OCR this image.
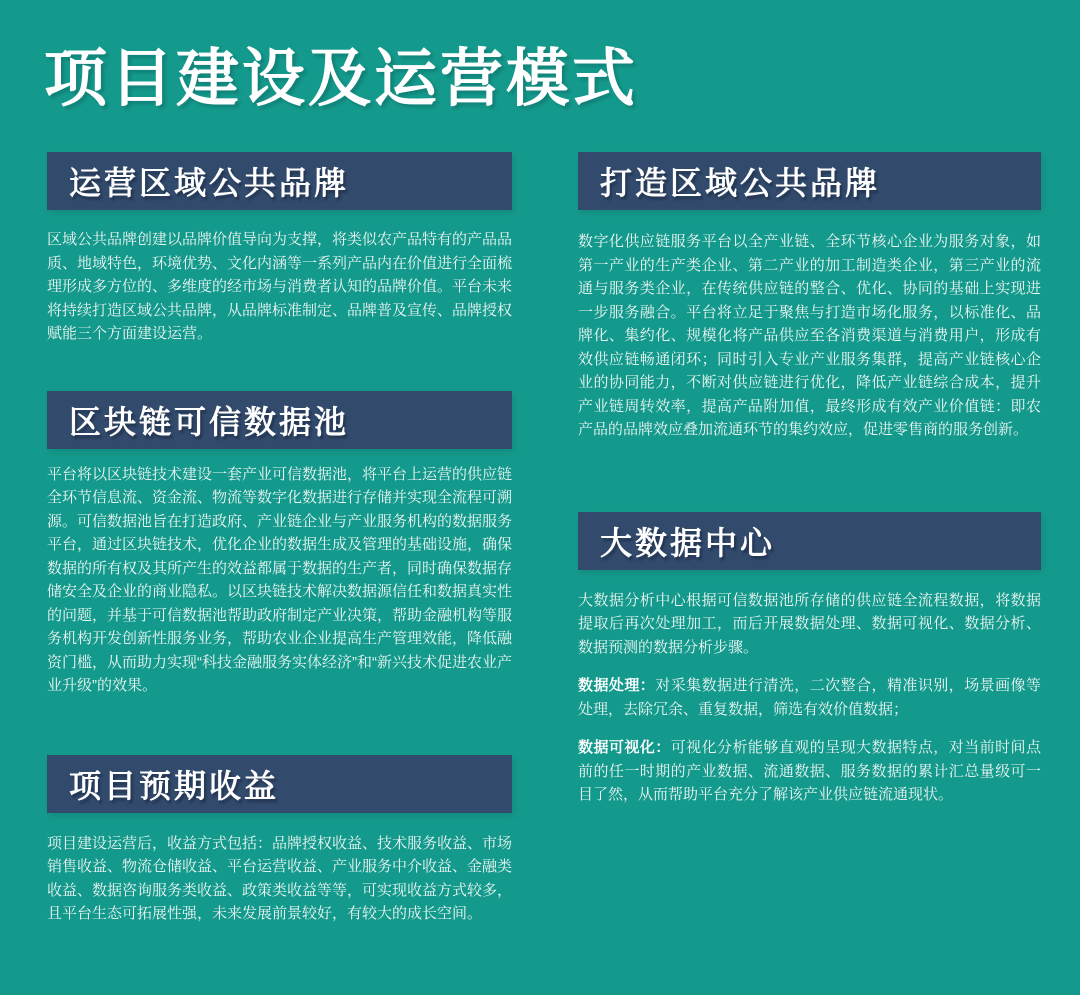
项目建设及运营模式
运营区域公共品牌

区域公共品牌创建以品牌价值导向为支撑，将类似农产品特有的产品品质、地域特色，环境优势、文化内涵等一系列产品内在价值进行全面梳理形成多方位的、多维度的经市场与消费者认知的品牌价值。平台未来将持续打造区域公共品牌，从品牌标准制定、品牌普及宣传、品牌授权赋能三个方面建设运营。

区块链可信数据池

平台将以区块链技术建设一套产业可信数据池，将平台上运营的供应链全环节信息流、资金流、物流等数字化数据进行存储并实现全流程可溯源。可信数据池旨在打造政府、产业链企业与产业服务机构的数据服务平台，通过区块链技术，优化企业的数据生成及管理的基础设施，确保数据的所有权及其所产生的效益都属于数据的生产者，同时确保数据存储安全及企业的商业隐私。以区块链技术解决数据源信任和数据真实性的问题，并基于可信数据池帮助政府制定产业决策，帮助金融机构等服务机构开发创新性服务业务，帮助农业企业提高生产管理效能，降低融资门槛，从而助力实现“科技金融服务实体经济”和“新兴技术促进农业产业升级”的效果。

项目预期收益

项目建设运营后，收益方式包括：品牌授权收益、技术服务收益、市场销售收益、物流仓储收益、平台运营收益、产业服务中介收益、金融类收益、数据咨询服务类收益、政策类收益等等，可实现收益方式较多，且平台生态可拓展性强，未来发展前景较好，有较大的成长空间。

打造区域公共品牌

数字化供应链服务平台以全产业链、全环节核心企业为服务对象，如第一产业的生产类企业、第二产业的加工制造类企业，第三产业的流通与服务类企业，在传统供应链的整合、优化、协同的基础上实现进一步服务融合。平台将立足于聚焦与打造市场化服务，以标准化、品牌化、集约化、规模化将产品供应至各消费渠道与消费用户，形成有效供应链畅通闭环；同时引入专业产业服务集群，提高产业链核心企业的协同能力，不断对供应链进行优化，降低产业链综合成本，提升产业链周转效率，提高产品附加值，最终形成有效产业价值链：即农产品的品牌效应叠加流通环节的集约效应，促进零售商的服务创新。

大数据中心

大数据分析中心根据可信数据池所存储的供应链全流程数据，将数据提取后再次处理加工，而后开展数据处理、数据可视化、数据分析、数据预测的数据分析步骤。

数据处理：对采集数据进行清洗，二次整合，精准识别，场景画像等处理，去除冗余、重复数据，筛选有效价值数据；

数据可视化：可视化分析能够直观的呈现大数据特点，对当前时间点前的任一时期的产业数据、流通数据、服务数据的累计汇总量级可一目了然，从而帮助平台充分了解该产业供应链流通现状。
